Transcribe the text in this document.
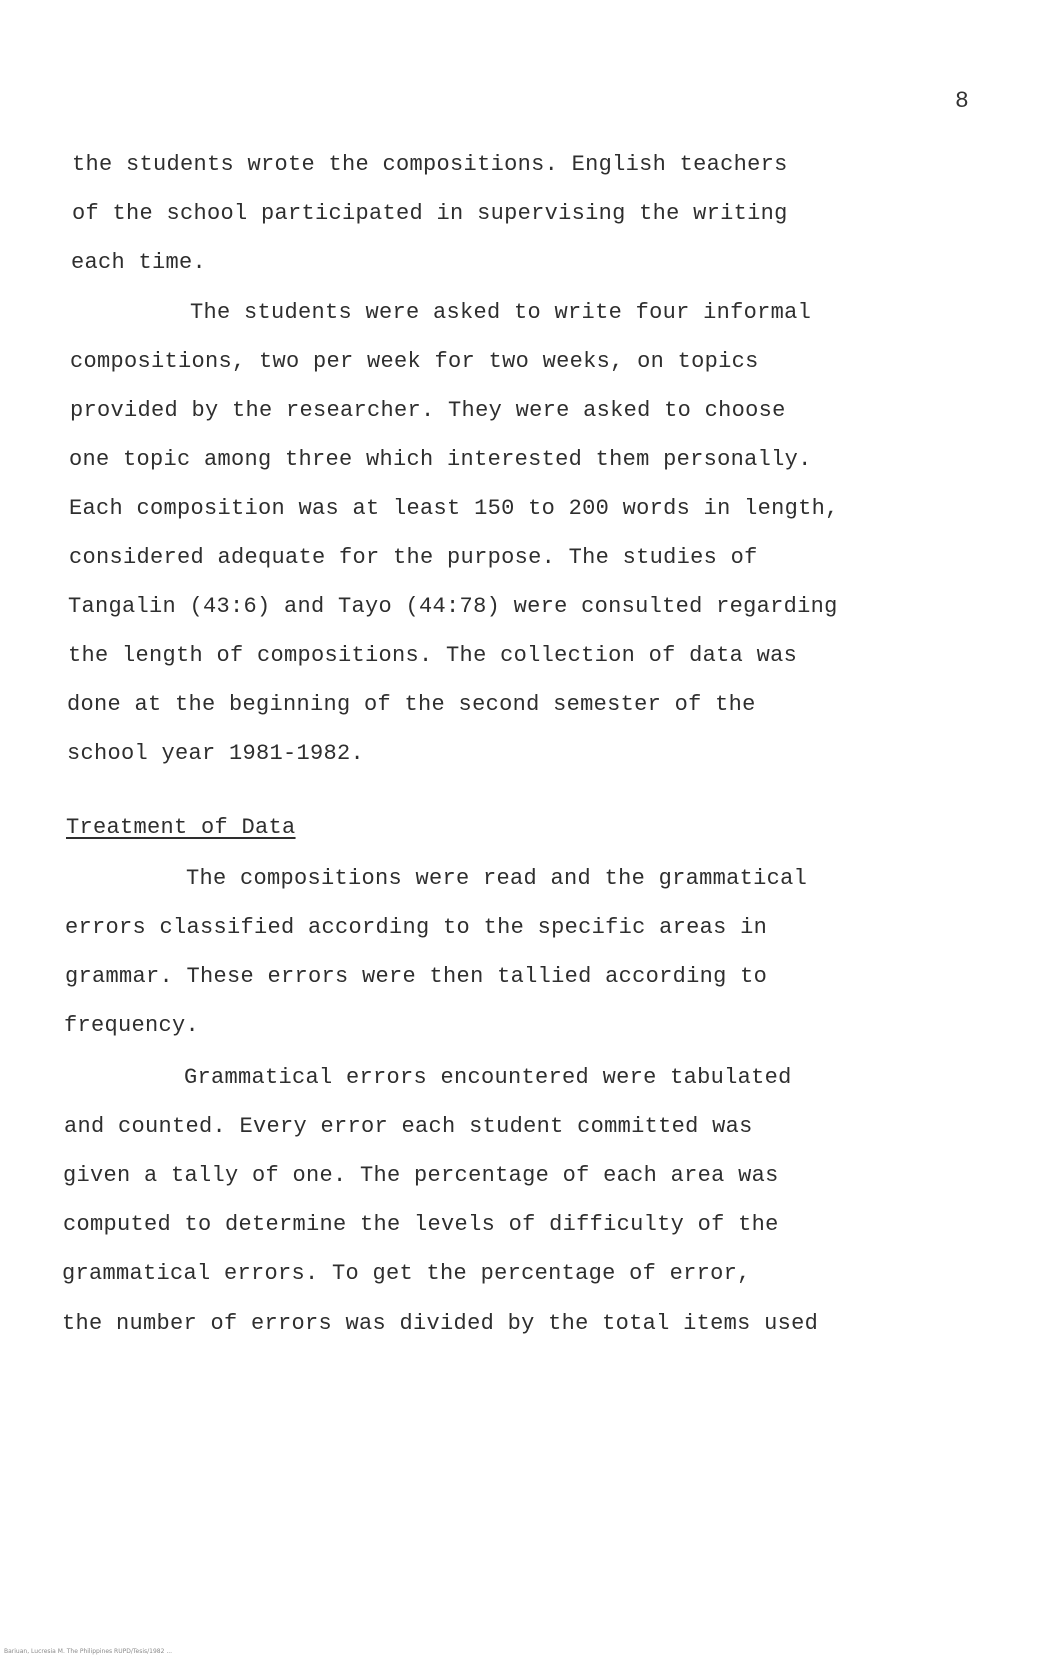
8
the students wrote the compositions. English teachers
of the school participated in supervising the writing
each time.
The students were asked to write four informal
compositions, two per week for two weeks, on topics
provided by the researcher. They were asked to choose
one topic among three which interested them personally.
Each composition was at least 150 to 200 words in length,
considered adequate for the purpose. The studies of
Tangalin (43:6) and Tayo (44:78) were consulted regarding
the length of compositions. The collection of data was
done at the beginning of the second semester of the
school year 1981-1982.
Treatment of Data
The compositions were read and the grammatical
errors classified according to the specific areas in
grammar. These errors were then tallied according to
frequency.
Grammatical errors encountered were tabulated
and counted. Every error each student committed was
given a tally of one. The percentage of each area was
computed to determine the levels of difficulty of the
grammatical errors. To get the percentage of error,
the number of errors was divided by the total items used
Bariuan, Lucresia M. The Philippines RUPD/Tesis/1982 ...
